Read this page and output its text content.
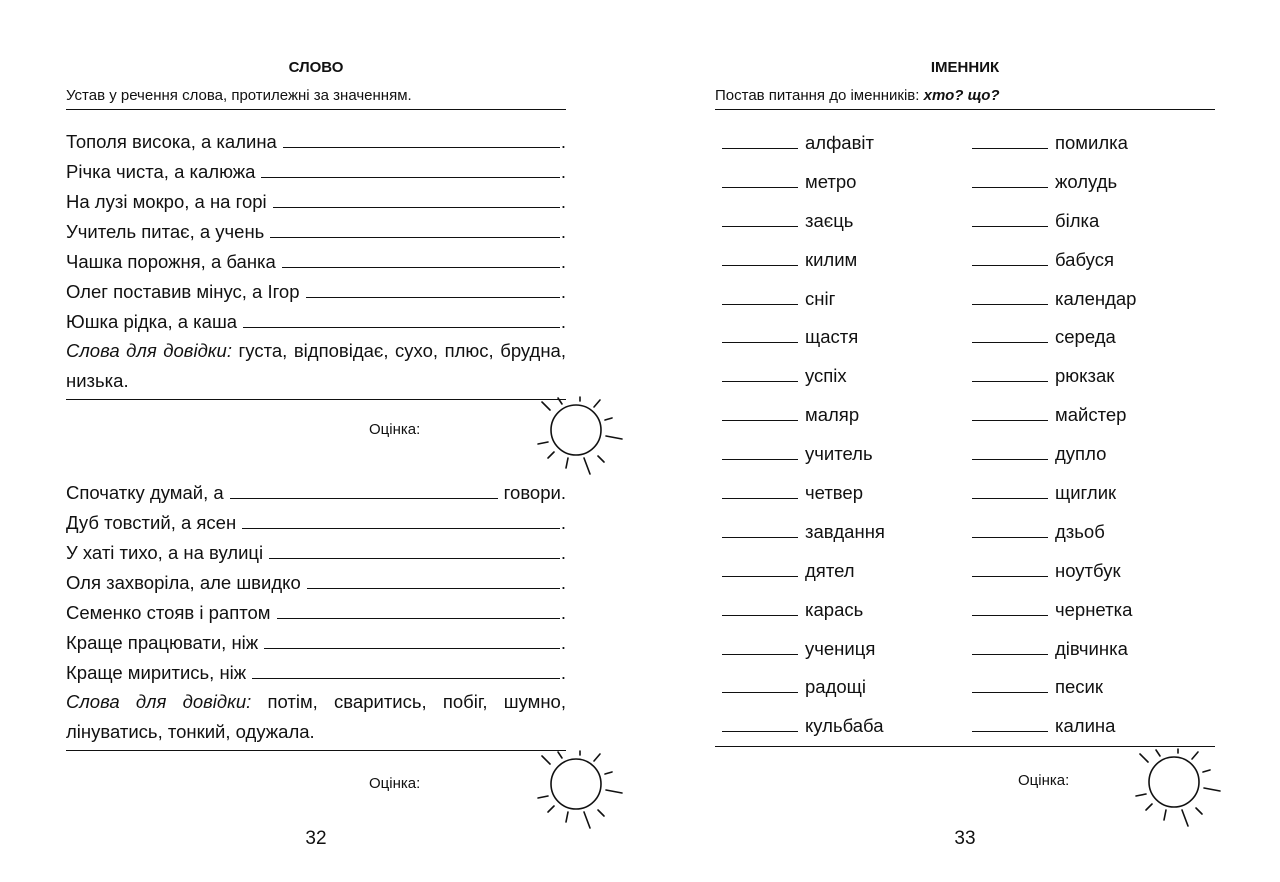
СЛОВО
Устав у речення слова, протилежні за значенням.
Тополя висока, а калина	.
Річка чиста, а калюжа	.
На лузі мокро, а на горі	.
Учитель питає, а учень	.
Чашка порожня, а банка	.
Олег поставив мінус, а Ігор	.
Юшка рідка, а каша	.
Слова для довідки: густа, відповідає, сухо, плюс, брудна, низька.
Оцінка:
Спочатку думай, а	говори.
Дуб товстий, а ясен	.
У хаті тихо, а на вулиці	.
Оля захворіла, але швидко	.
Семенко стояв і раптом	.
Краще працювати, ніж	.
Краще миритись, ніж	.
Слова для довідки: потім, сваритись, побіг, шумно, лінуватись, тонкий, одужала.
Оцінка:
32
ІМЕННИК
Постав питання до іменників: хто? що?
алфавіт	помилка
метро	жолудь
заєць	білка
килим	бабуся
сніг	календар
щастя	середа
успіх	рюкзак
маляр	майстер
учитель	дупло
четвер	щиглик
завдання	дзьоб
дятел	ноутбук
карась	чернетка
учениця	дівчинка
радощі	песик
кульбаба	калина
Оцінка:
33
